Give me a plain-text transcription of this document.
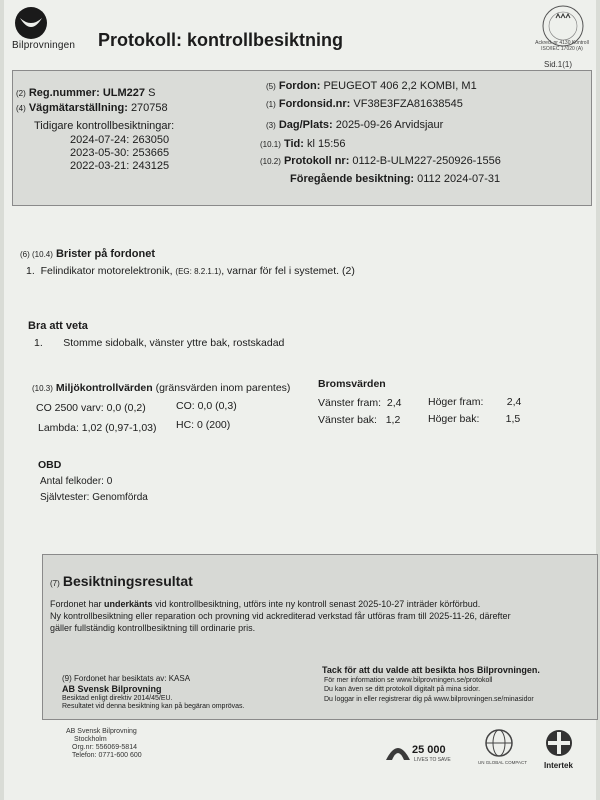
Bilprovningen Protokoll: kontrollbesiktning	Ackred. nr 4130 Kontroll ISO/IEC 17020 (A)
Sid.1(1)
(2) Reg.nummer: ULM227 S
(4) Vägmätarställning: 270758
Tidigare kontrollbesiktningar:
2024-07-24: 263050
2023-05-30: 253665
2022-03-21: 243125
(5) Fordon: PEUGEOT 406 2,2 KOMBI, M1
(1) Fordonsid.nr: VF38E3FZA81638545
(3) Dag/Plats: 2025-09-26 Arvidsjaur
(10.1) Tid: kl 15:56
(10.2) Protokoll nr: 0112-B-ULM227-250926-1556
Föregående besiktning: 0112 2024-07-31
(6) (10.4) Brister på fordonet
1. Felindikator motorelektronik, (EG: 8.2.1.1), varnar för fel i systemet. (2)
Bra att veta
1. Stomme sidobalk, vänster yttre bak, rostskadad
(10.3) Miljökontrollvärden (gränsvärden inom parentes)
CO 2500 varv: 0,0 (0,2)	CO: 0,0 (0,3)
Lambda: 1,02 (0,97-1,03) HC: 0 (200)
Bromsvärden
Vänster fram: 2,4	Höger fram: 2,4
Vänster bak: 1,2	Höger bak:	1,5
OBD
Antal felkoder: 0
Självtester: Genomförda
(7) Besiktningsresultat
Fordonet har underkänts vid kontrollbesiktning, utförs inte ny kontroll senast 2025-10-27 inträder körförbud.
Ny kontrollbesiktning eller reparation och provning vid ackrediterad verkstad får utföras fram till 2025-11-26, därefter
gäller fullständig kontrollbesiktning till ordinarie pris.
(9) Fordonet har besiktats av: KASA
AB Svensk Bilprovning
Besiktad enligt direktiv 2014/45/EU.
Resultatet vid denna besiktning kan på begäran omprövas.
Tack för att du valde att besikta hos Bilprovningen.
För mer information se www.bilprovningen.se/protokoll
Du kan även se ditt protokoll digitalt på mina sidor.
Du loggar in eller registrerar dig på www.bilprovningen.se/minasidor
AB Svensk Bilprovning
Stockholm
Org.nr: 556069-5814
Telefon: 0771-600 600	25 000
LIVES TO SAVE	UN GLOBAL COMPACT Intertek
